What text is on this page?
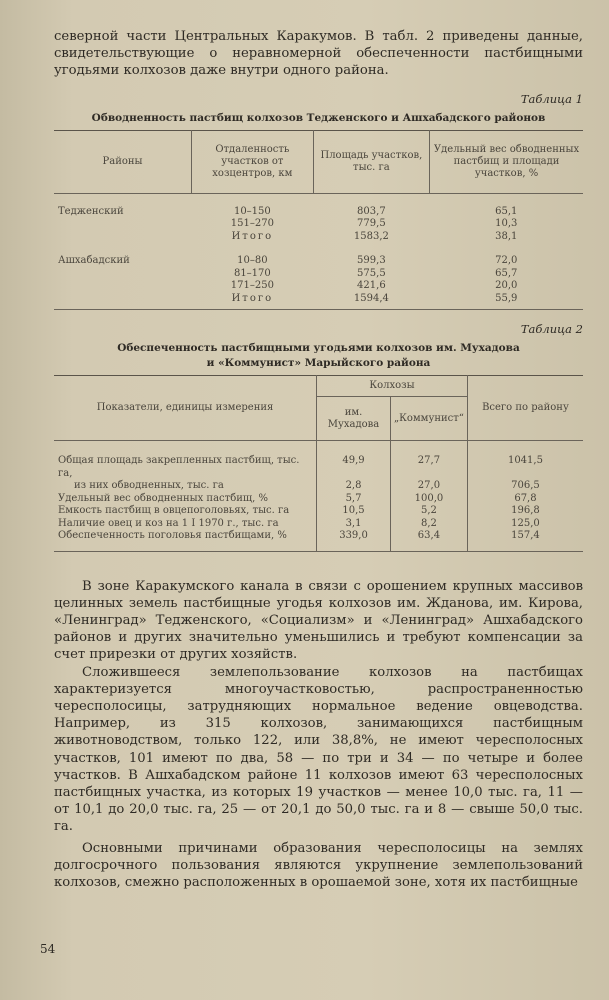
северной части Центральных Каракумов. В табл. 2 приведены данные, свидетельствующие о неравномерной обеспеченности пастбищными угодьями колхозов даже внутри одного района.

Таблица 1
Обводненность пастбищ колхозов Тедженского и Ашхабадского районов
Районы	Отдаленность участков от хозцентров, км	Площадь участков, тыс. га	Удельный вес обводненных пастбищ и площади участков, %

Тедженский	10–150	803,7	65,1
	151–270	779,5	10,3
	Итого	1583,2	38,1

Ашхабадский	10–80	599,3	72,0
	81–170	575,5	65,7
	171–250	421,6	20,0
	Итого	1594,4	55,9
Таблица 2
Обеспеченность пастбищными угодьями колхозов им. Мухадова
и «Коммунист» Марыйского района
Показатели, единицы измерения	Колхозы		Всего по району
	им. Мухадова	„Коммунист“	
Общая площадь закрепленных пастбищ, тыс. га,	49,9	27,7	1041,5
из них обводненных, тыс. га	2,8	27,0	706,5
Удельный вес обводненных пастбищ, %	5,7	100,0	67,8
Емкость пастбищ в овцепоголовьях, тыс. га	10,5	5,2	196,8
Наличие овец и коз на 1 I 1970 г., тыс. га	3,1	8,2	125,0
Обеспеченность поголовья пастбищами, %	339,0	63,4	157,4

В зоне Каракумского канала в связи с орошением крупных массивов целинных земель пастбищные угодья колхозов им. Жданова, им. Кирова, «Ленинград» Тедженского, «Социализм» и «Ленинград» Ашхабадского районов и других значительно уменьшились и требуют компенсации за счет прирезки от других хозяйств.

Сложившееся землепользование колхозов на пастбищах характеризуется многоучастковостью, распространенностью чересполосицы, затрудняющих нормальное ведение овцеводства. Например, из 315 колхозов, занимающихся пастбищным животноводством, только 122, или 38,8%, не имеют чересполосных участков, 101 имеют по два, 58 — по три и 34 — по четыре и более участков. В Ашхабадском районе 11 колхозов имеют 63 чересполосных пастбищных участка, из которых 19 участков — менее 10,0 тыс. га, 11 — от 10,1 до 20,0 тыс. га, 25 — от 20,1 до 50,0 тыс. га и 8 — свыше 50,0 тыс. га.

Основными причинами образования чересполосицы на землях долгосрочного пользования являются укрупнение землепользований колхозов, смежно расположенных в орошаемой зоне, хотя их пастбищные

54
